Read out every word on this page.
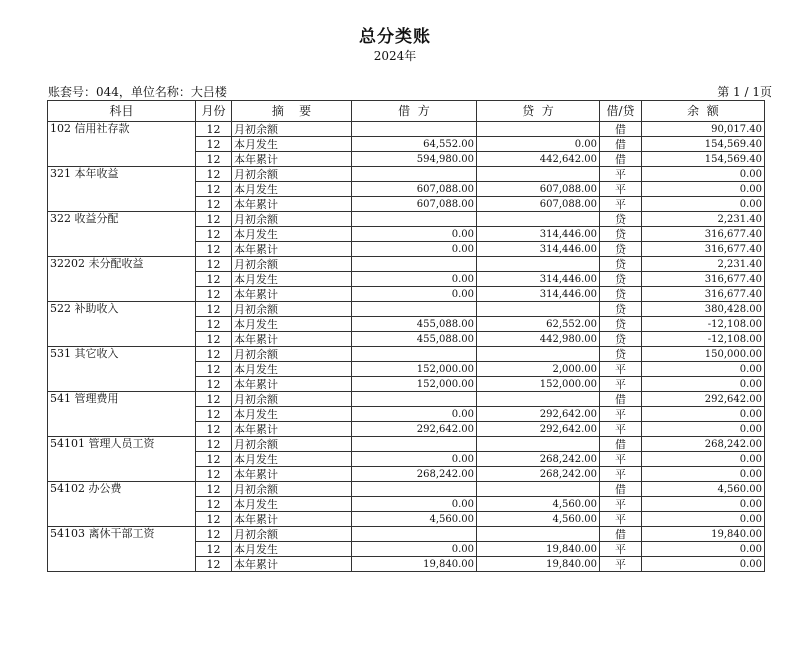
总分类账
2024年
账套号：044，单位名称：大吕楼	第 1 / 1页
科目	月份	摘    要	借  方	贷  方	借/贷	余  额
102 信用社存款	12	月初余额			借	90,017.40
	12	本月发生	64,552.00	0.00	借	154,569.40
	12	本年累计	594,980.00	442,642.00	借	154,569.40
321 本年收益	12	月初余额			平	0.00
	12	本月发生	607,088.00	607,088.00	平	0.00
	12	本年累计	607,088.00	607,088.00	平	0.00
322 收益分配	12	月初余额			贷	2,231.40
	12	本月发生	0.00	314,446.00	贷	316,677.40
	12	本年累计	0.00	314,446.00	贷	316,677.40
32202 未分配收益	12	月初余额			贷	2,231.40
	12	本月发生	0.00	314,446.00	贷	316,677.40
	12	本年累计	0.00	314,446.00	贷	316,677.40
522 补助收入	12	月初余额			贷	380,428.00
	12	本月发生	455,088.00	62,552.00	贷	-12,108.00
	12	本年累计	455,088.00	442,980.00	贷	-12,108.00
531 其它收入	12	月初余额			贷	150,000.00
	12	本月发生	152,000.00	2,000.00	平	0.00
	12	本年累计	152,000.00	152,000.00	平	0.00
541 管理费用	12	月初余额			借	292,642.00
	12	本月发生	0.00	292,642.00	平	0.00
	12	本年累计	292,642.00	292,642.00	平	0.00
54101 管理人员工资	12	月初余额			借	268,242.00
	12	本月发生	0.00	268,242.00	平	0.00
	12	本年累计	268,242.00	268,242.00	平	0.00
54102 办公费	12	月初余额			借	4,560.00
	12	本月发生	0.00	4,560.00	平	0.00
	12	本年累计	4,560.00	4,560.00	平	0.00
54103 离休干部工资	12	月初余额			借	19,840.00
	12	本月发生	0.00	19,840.00	平	0.00
	12	本年累计	19,840.00	19,840.00	平	0.00
